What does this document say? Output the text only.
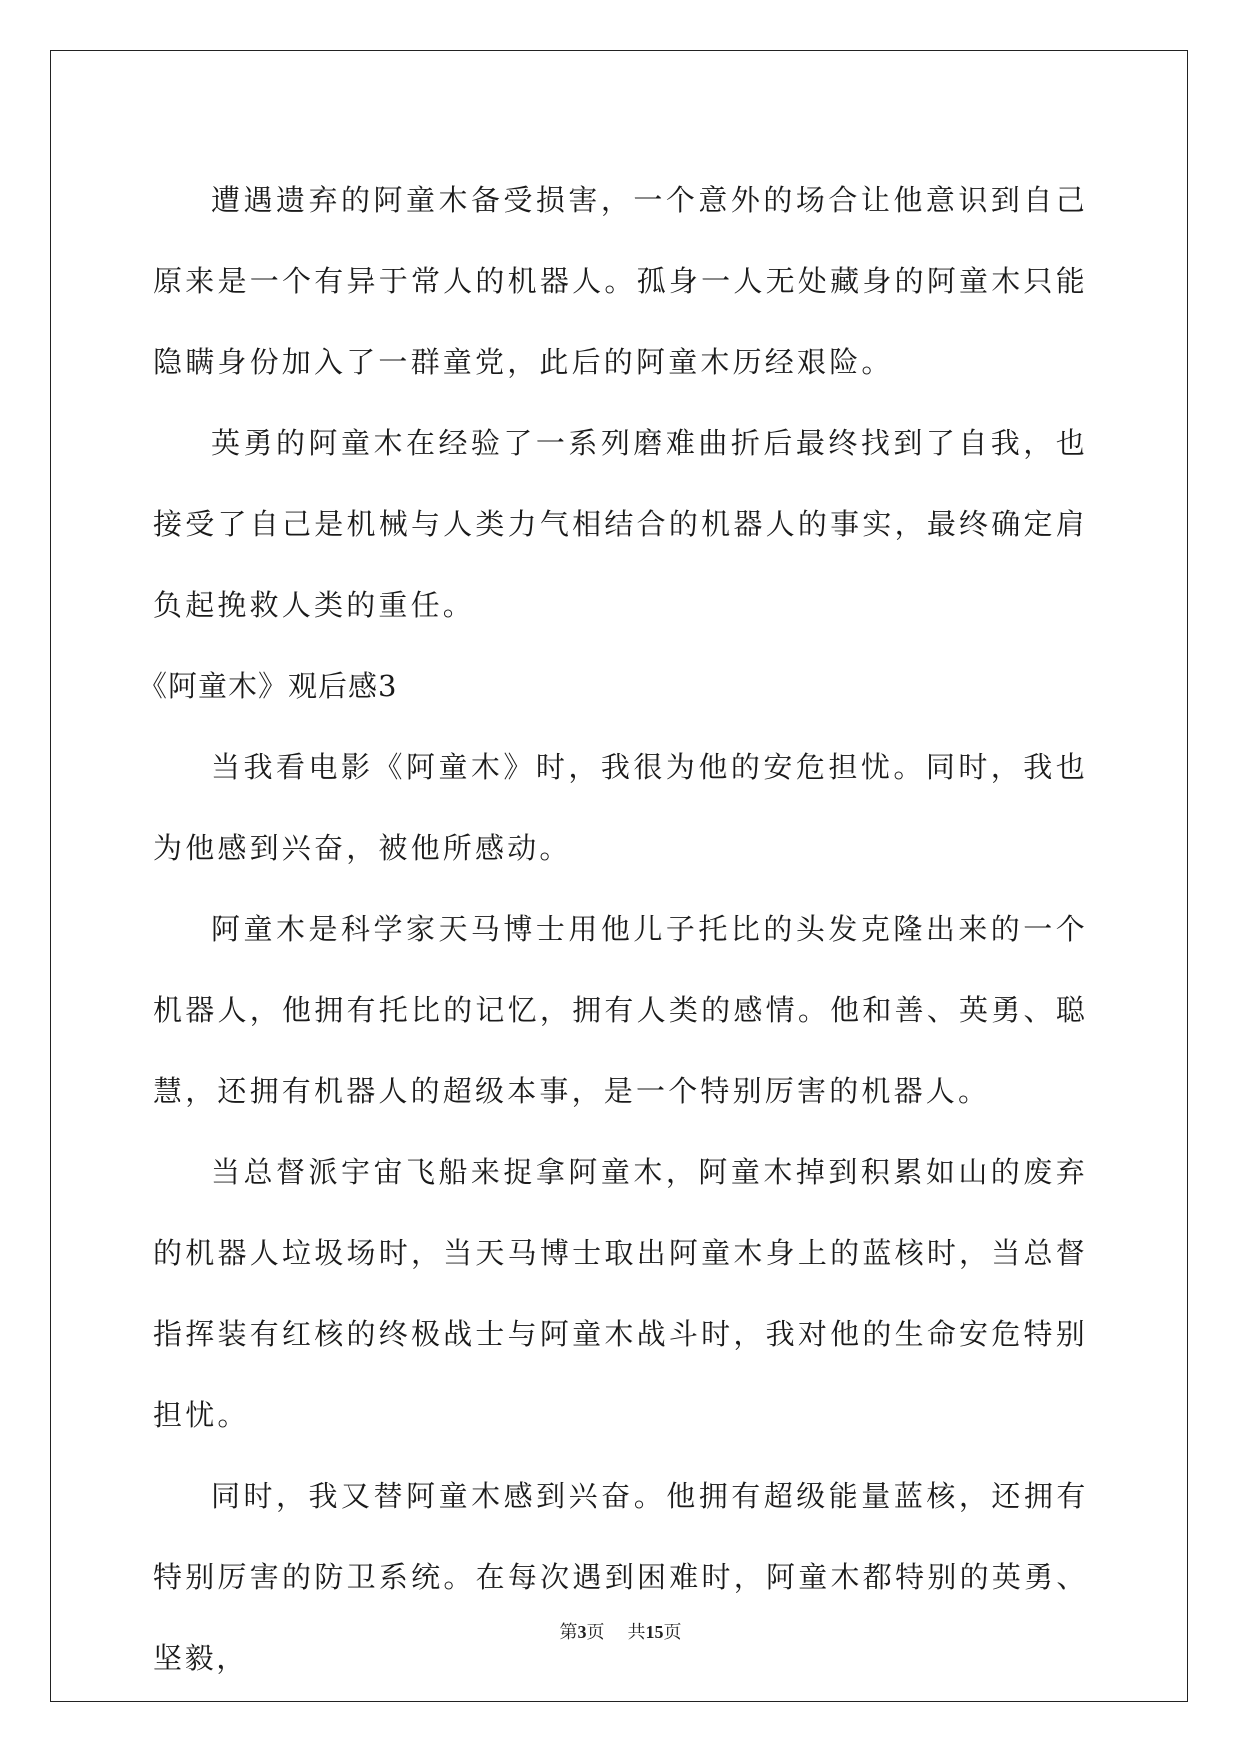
遭遇遗弃的阿童木备受损害，一个意外的场合让他意识到自己原来是一个有异于常人的机器人。孤身一人无处藏身的阿童木只能隐瞒身份加入了一群童党，此后的阿童木历经艰险。

英勇的阿童木在经验了一系列磨难曲折后最终找到了自我，也接受了自己是机械与人类力气相结合的机器人的事实，最终确定肩负起挽救人类的重任。

《阿童木》观后感3

当我看电影《阿童木》时，我很为他的安危担忧。同时，我也为他感到兴奋，被他所感动。

阿童木是科学家天马博士用他儿子托比的头发克隆出来的一个机器人，他拥有托比的记忆，拥有人类的感情。他和善、英勇、聪慧，还拥有机器人的超级本事，是一个特别厉害的机器人。

当总督派宇宙飞船来捉拿阿童木，阿童木掉到积累如山的废弃的机器人垃圾场时，当天马博士取出阿童木身上的蓝核时，当总督指挥装有红核的终极战士与阿童木战斗时，我对他的生命安危特别担忧。

同时，我又替阿童木感到兴奋。他拥有超级能量蓝核，还拥有特别厉害的防卫系统。在每次遇到困难时，阿童木都特别的英勇、坚毅，

第3页 共15页
